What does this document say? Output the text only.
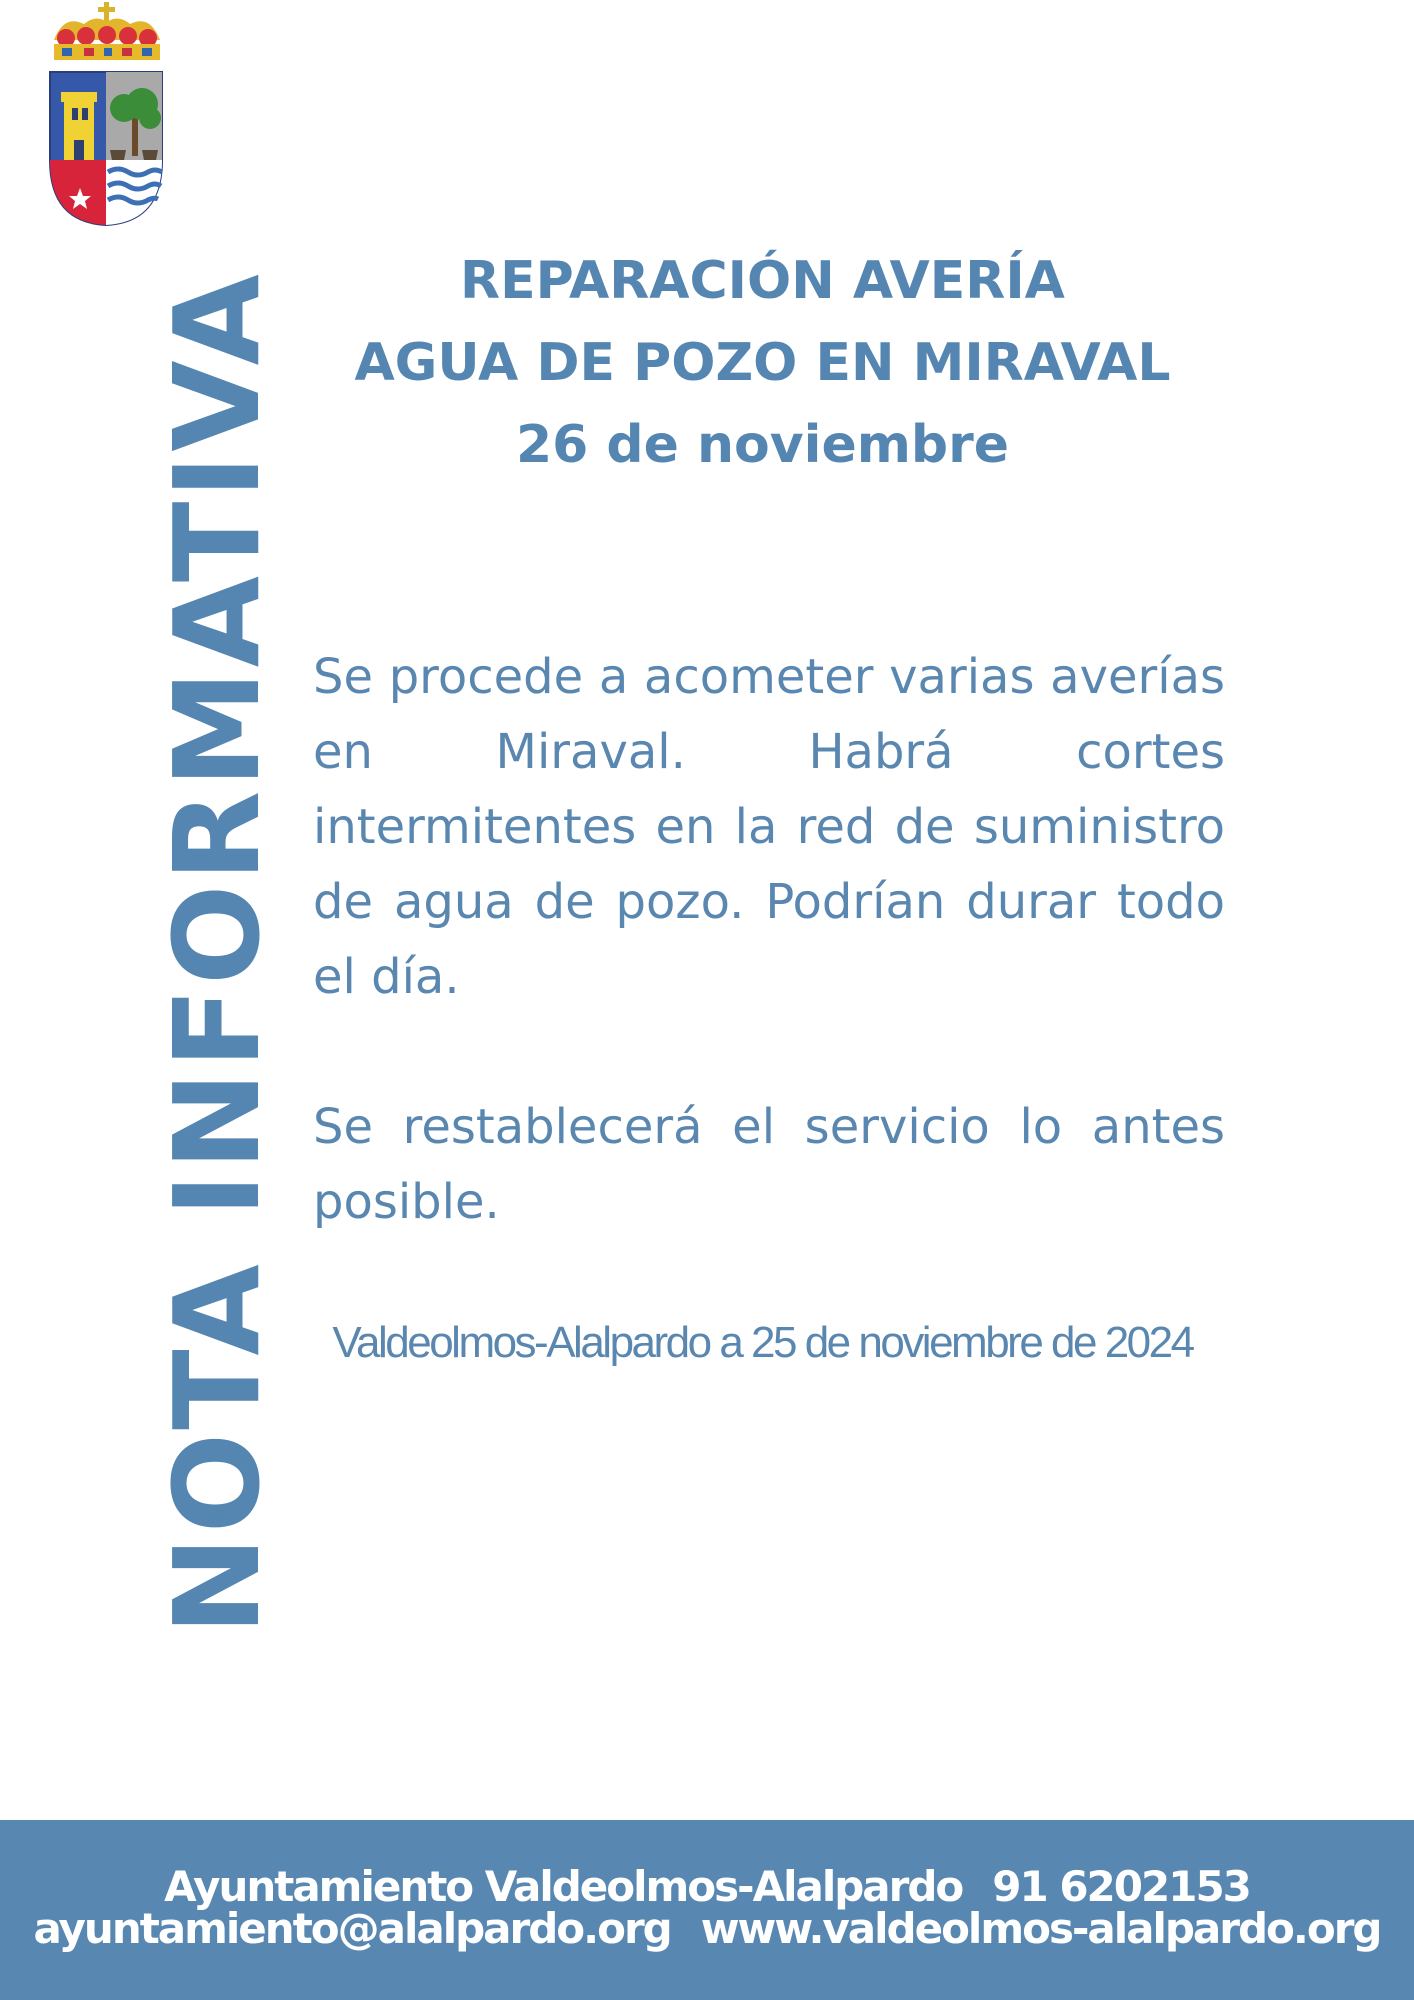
NOTA INFORMATIVA	REPARACIÓN AVERÍA
AGUA DE POZO EN MIRAVAL
26 de noviembre

Se procede a acometer varias averías en Miraval. Habrá cortes intermitentes en la red de suministro de agua de pozo. Podrían durar todo el día.

Se restablecerá el servicio lo antes posible.

Valdeolmos-Alalpardo a 25 de noviembre de 2024
Ayuntamiento Valdeolmos-Alalpardo 91 6202153
ayuntamiento@alalpardo.org www.valdeolmos-alalpardo.org
